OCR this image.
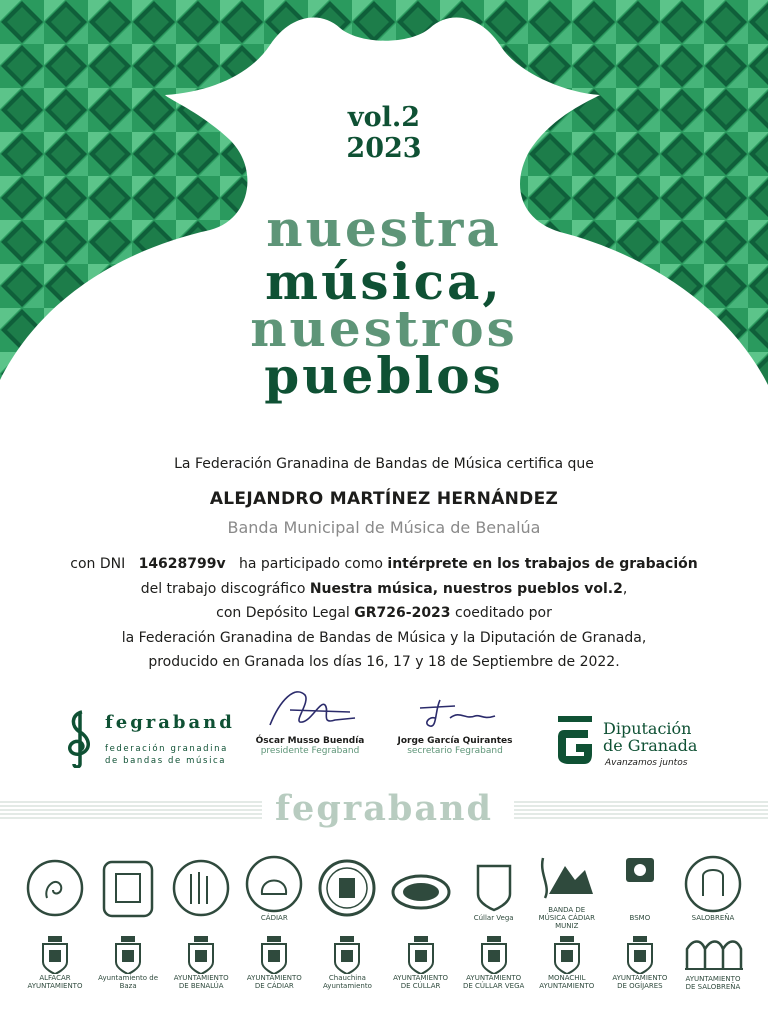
vol.2
2023
nuestra
música,
nuestros
pueblos
La Federación Granadina de Bandas de Música certifica que
ALEJANDRO MARTÍNEZ HERNÁNDEZ
Banda Municipal de Música de Benalúa
con DNI 14628799v ha participado como intérprete en los trabajos de grabación
del trabajo discográfico Nuestra música, nuestros pueblos vol.2,
con Depósito Legal GR726-2023 coeditado por
la Federación Granadina de Bandas de Música y la Diputación de Granada,
producido en Granada los días 16, 17 y 18 de Septiembre de 2022.
fegraband
federación granadina
de bandas de música
Óscar Musso Buendía
presidente Fegraband
Jorge García Quirantes
secretario Fegraband
Diputación
de Granada
Avanzamos juntos
fegraband
CÁDIAR	Cúllar Vega
BANDA DE MÚSICA CÁDIAR MUNIZ
BSMO	SALOBREÑA
ALFACAR AYUNTAMIENTO
Ayuntamiento de Baza
AYUNTAMIENTO DE BENALÚA
AYUNTAMIENTO DE CÁDIAR
Chauchina Ayuntamiento
AYUNTAMIENTO DE CÚLLAR
AYUNTAMIENTO DE CÚLLAR VEGA
MONACHIL AYUNTAMIENTO
AYUNTAMIENTO DE OGÍJARES
AYUNTAMIENTO DE SALOBREÑA
